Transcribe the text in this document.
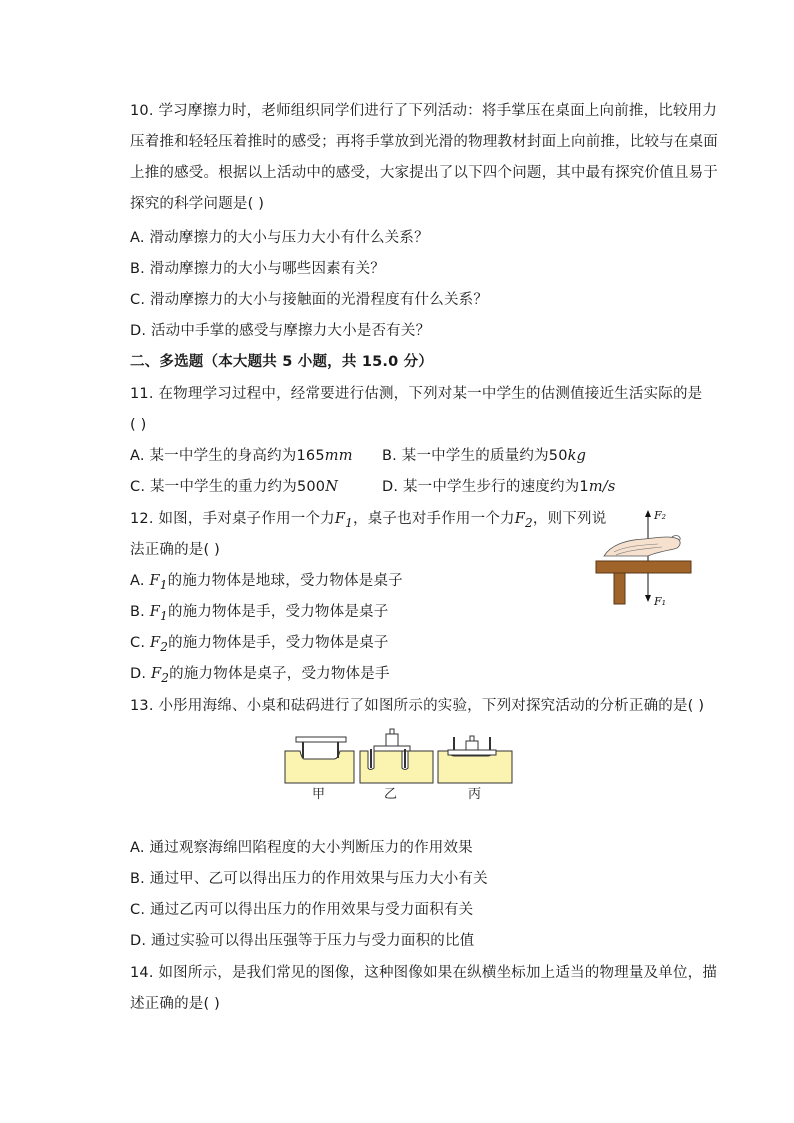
10. 学习摩擦力时，老师组织同学们进行了下列活动：将手掌压在桌面上向前推，比较用力
压着推和轻轻压着推时的感受；再将手掌放到光滑的物理教材封面上向前推，比较与在桌面
上推的感受。根据以上活动中的感受，大家提出了以下四个问题，其中最有探究价值且易于
探究的科学问题是( )
A. 滑动摩擦力的大小与压力大小有什么关系？
B. 滑动摩擦力的大小与哪些因素有关？
C. 滑动摩擦力的大小与接触面的光滑程度有什么关系？
D. 活动中手掌的感受与摩擦力大小是否有关？
二、多选题（本大题共 5 小题，共 15.0 分）
11. 在物理学习过程中，经常要进行估测，下列对某一中学生的估测值接近生活实际的是
( )
A. 某一中学生的身高约为165mm B. 某一中学生的质量约为50kg
C. 某一中学生的重力约为500N	D. 某一中学生步行的速度约为1m/s
12. 如图，手对桌子作用一个力$F_1$，桌子也对手作用一个力$F_2$，则下列说
法正确的是( )
A. $F_1$的施力物体是地球，受力物体是桌子
B. $F_1$的施力物体是手，受力物体是桌子
C. $F_2$的施力物体是手，受力物体是桌子
D. $F_2$的施力物体是桌子，受力物体是手
F₂
F₁
13. 小彤用海绵、小桌和砝码进行了如图所示的实验，下列对探究活动的分析正确的是( )
甲	乙	丙
A. 通过观察海绵凹陷程度的大小判断压力的作用效果
B. 通过甲、乙可以得出压力的作用效果与压力大小有关
C. 通过乙丙可以得出压力的作用效果与受力面积有关
D. 通过实验可以得出压强等于压力与受力面积的比值
14. 如图所示，是我们常见的图像，这种图像如果在纵横坐标加上适当的物理量及单位，描
述正确的是( )
